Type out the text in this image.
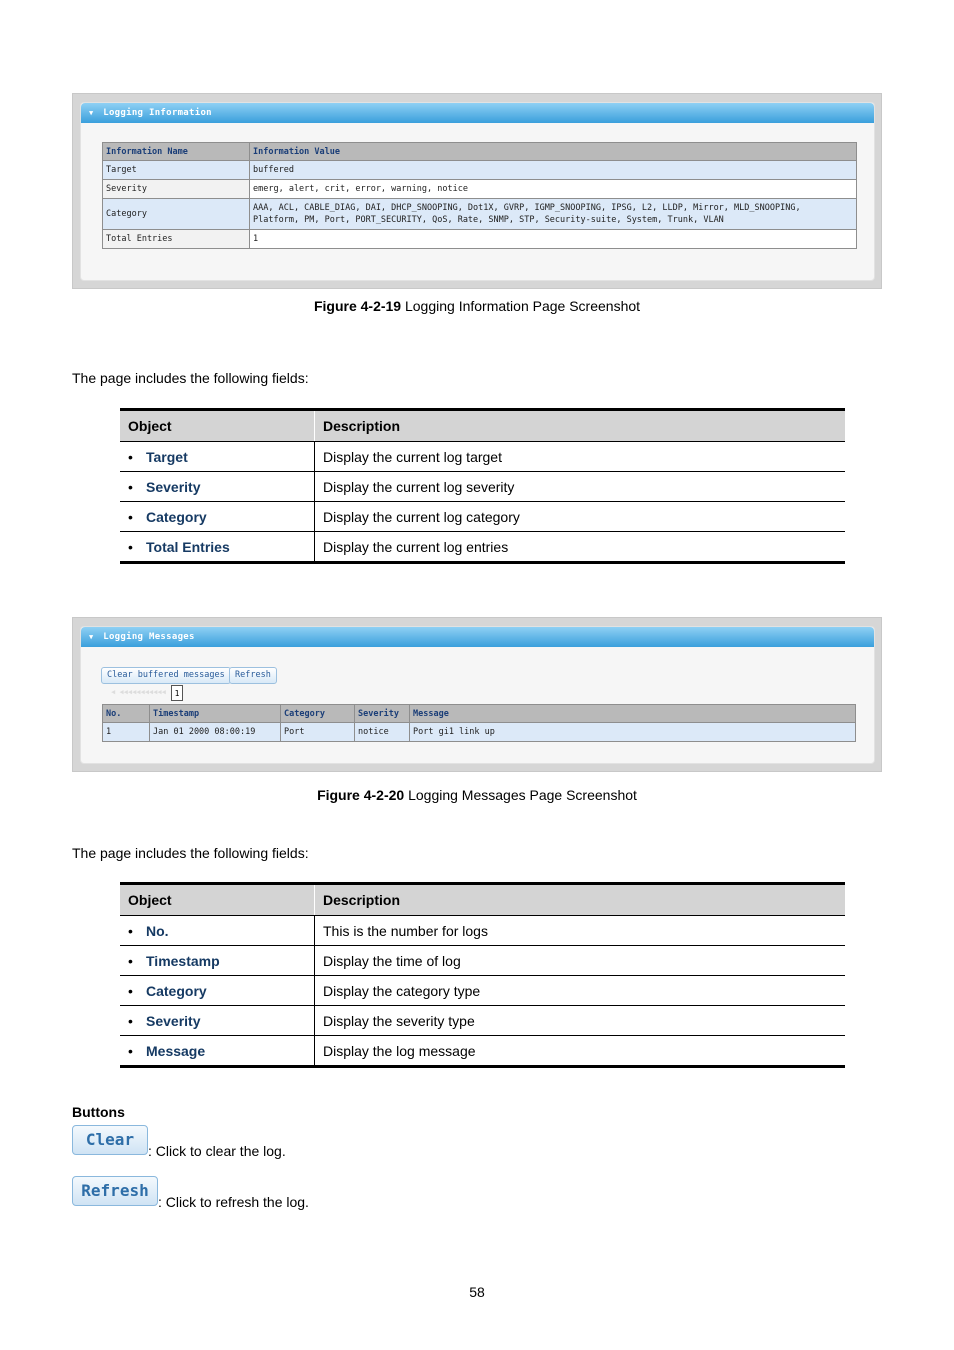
▼ Logging Information
Information Name	Information Value
Target	buffered
Severity	emerg, alert, crit, error, warning, notice
Category	AAA, ACL, CABLE_DIAG, DAI, DHCP_SNOOPING, Dot1X, GVRP, IGMP_SNOOPING, IPSG, L2, LLDP, Mirror, MLD_SNOOPING,
Platform, PM, Port, PORT_SECURITY, QoS, Rate, SNMP, STP, Security-suite, System, Trunk, VLAN

Total Entries	1
Figure 4-2-19 Logging Information Page Screenshot
The page includes the following fields:
Object	Description
• Target	Display the current log target
• Severity	Display the current log severity
• Category	Display the current log category
• Total Entries	Display the current log entries
▼ Logging Messages
Clear buffered messages	Refresh
◀ ◀◀◀◀◀◀◀◀◀◀◀	1
No.	Timestamp	Category	Severity	Message
1	Jan 01 2000 08:00:19	Port	notice	Port gi1 link up
Figure 4-2-20 Logging Messages Page Screenshot
The page includes the following fields:
Object	Description
• No.	This is the number for logs
• Timestamp	Display the time of log
• Category	Display the category type
• Severity	Display the severity type
• Message	Display the log message
Buttons
Clear
: Click to clear the log.
Refresh
: Click to refresh the log.
58
